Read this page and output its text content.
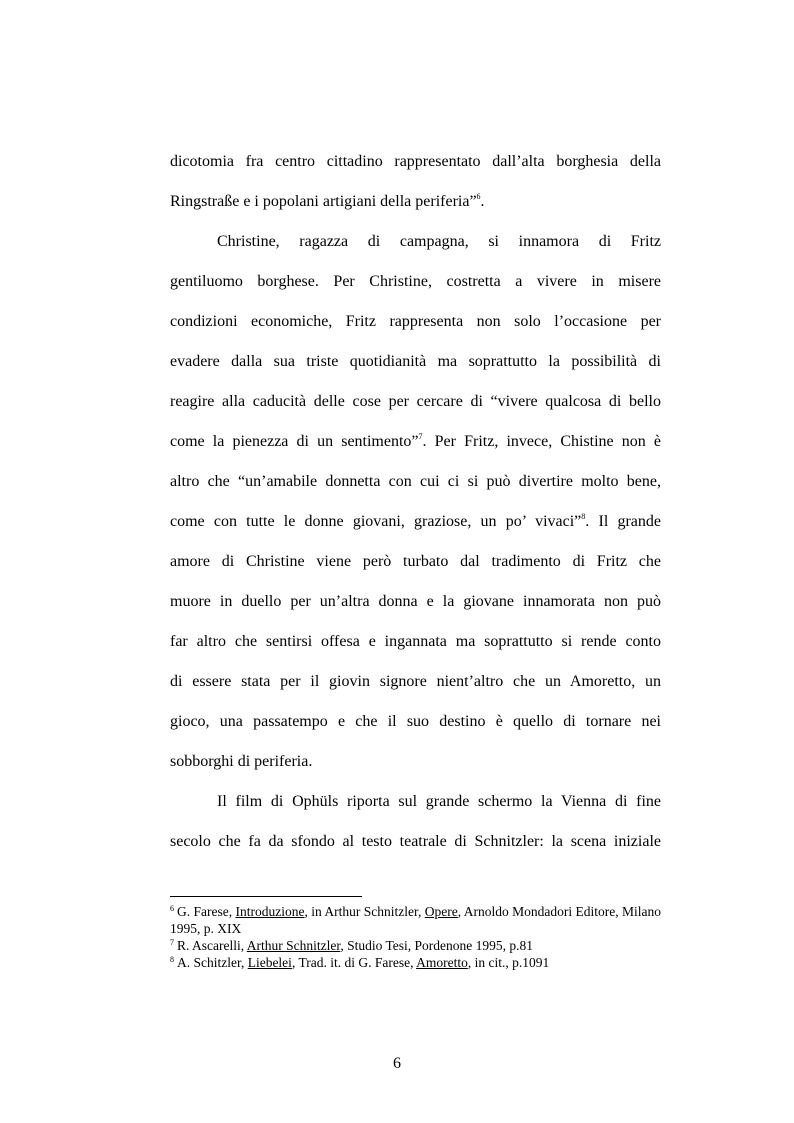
dicotomia fra centro cittadino rappresentato dall’alta borghesia della
Ringstraße e i popolani artigiani della periferia”$^6$.
Christine, ragazza di campagna, si innamora di Fritz
gentiluomo borghese. Per Christine, costretta a vivere in misere
condizioni economiche, Fritz rappresenta non solo l’occasione per
evadere dalla sua triste quotidianità ma soprattutto la possibilità di
reagire alla caducità delle cose per cercare di “vivere qualcosa di bello
come la pienezza di un sentimento”$^7$. Per Fritz, invece, Chistine non è
altro che “un’amabile donnetta con cui ci si può divertire molto bene,
come con tutte le donne giovani, graziose, un po’ vivaci”$^8$. Il grande
amore di Christine viene però turbato dal tradimento di Fritz che
muore in duello per un’altra donna e la giovane innamorata non può
far altro che sentirsi offesa e ingannata ma soprattutto si rende conto
di essere stata per il giovin signore nient’altro che un Amoretto, un
gioco, una passatempo e che il suo destino è quello di tornare nei
sobborghi di periferia.
Il film di Ophüls riporta sul grande schermo la Vienna di fine
secolo che fa da sfondo al testo teatrale di Schnitzler: la scena iniziale
$^6$ G. Farese, Introduzione, in Arthur Schnitzler, Opere, Arnoldo Mondadori Editore, Milano 1995, p. XIX
$^7$ R. Ascarelli, Arthur Schnitzler, Studio Tesi, Pordenone 1995, p.81
$^8$ A. Schitzler, Liebelei, Trad. it. di G. Farese, Amoretto, in cit., p.1091
6
